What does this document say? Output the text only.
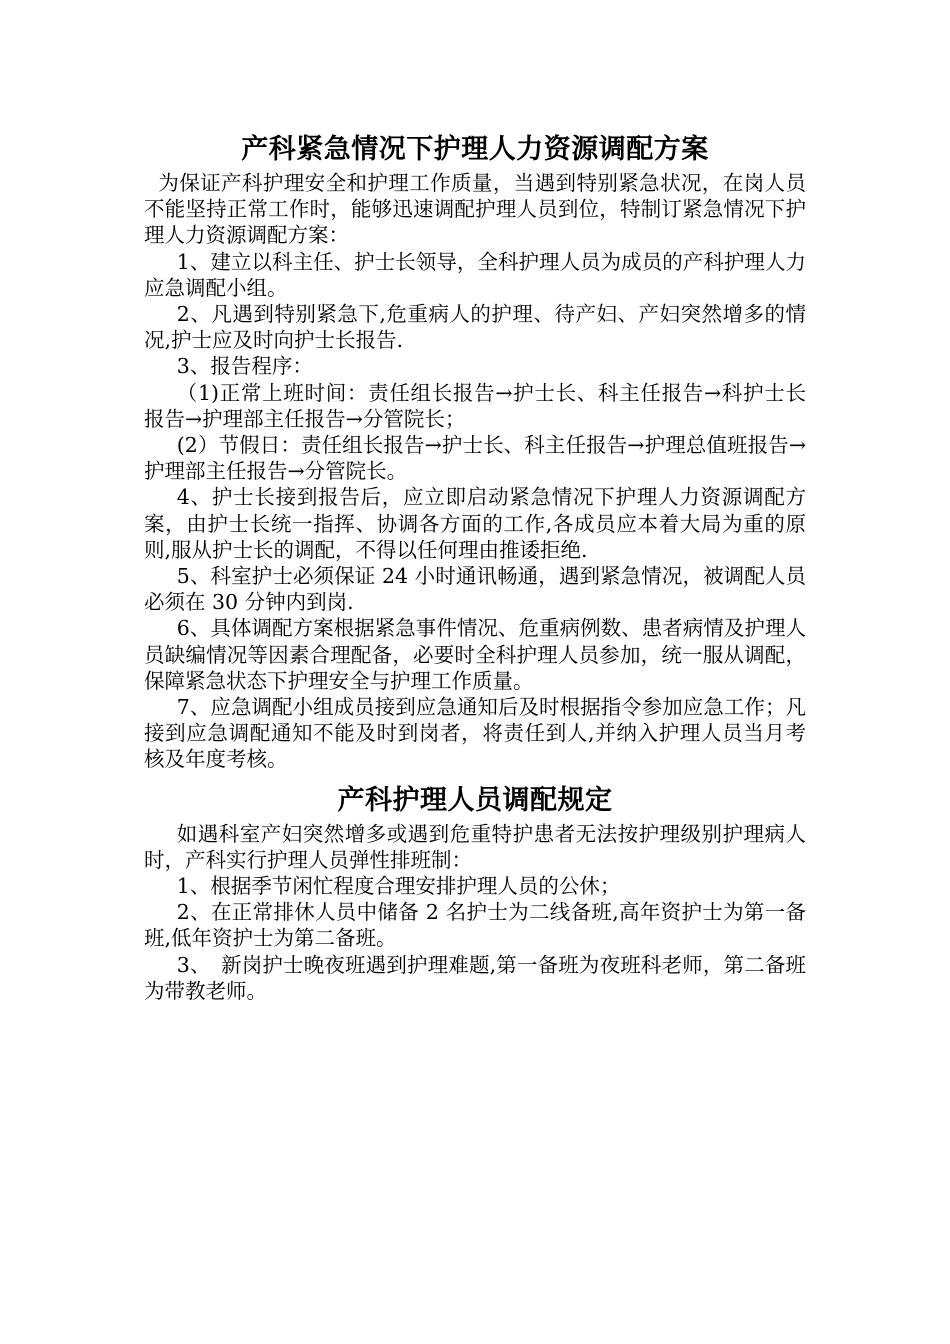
产科紧急情况下护理人力资源调配方案

为保证产科护理安全和护理工作质量，当遇到特别紧急状况，在岗人员不能坚持正常工作时，能够迅速调配护理人员到位，特制订紧急情况下护理人力资源调配方案：

1、建立以科主任、护士长领导，全科护理人员为成员的产科护理人力应急调配小组。

2、凡遇到特别紧急下,危重病人的护理、待产妇、产妇突然增多的情况,护士应及时向护士长报告.

3、报告程序：

（1)正常上班时间：责任组长报告→护士长、科主任报告→科护士长报告→护理部主任报告→分管院长；

(2）节假日：责任组长报告→护士长、科主任报告→护理总值班报告→护理部主任报告→分管院长。

4、护士长接到报告后，应立即启动紧急情况下护理人力资源调配方案，由护士长统一指挥、协调各方面的工作,各成员应本着大局为重的原则,服从护士长的调配，不得以任何理由推诿拒绝.

5、科室护士必须保证 24 小时通讯畅通，遇到紧急情况，被调配人员必须在 30 分钟内到岗.

6、具体调配方案根据紧急事件情况、危重病例数、患者病情及护理人员缺编情况等因素合理配备，必要时全科护理人员参加，统一服从调配，保障紧急状态下护理安全与护理工作质量。

7、应急调配小组成员接到应急通知后及时根据指令参加应急工作；凡接到应急调配通知不能及时到岗者，将责任到人,并纳入护理人员当月考核及年度考核。

产科护理人员调配规定

如遇科室产妇突然增多或遇到危重特护患者无法按护理级别护理病人时，产科实行护理人员弹性排班制：

1、根据季节闲忙程度合理安排护理人员的公休；

2、在正常排休人员中储备 2 名护士为二线备班,高年资护士为第一备班,低年资护士为第二备班。

3、　新岗护士晚夜班遇到护理难题,第一备班为夜班科老师，第二备班为带教老师。
